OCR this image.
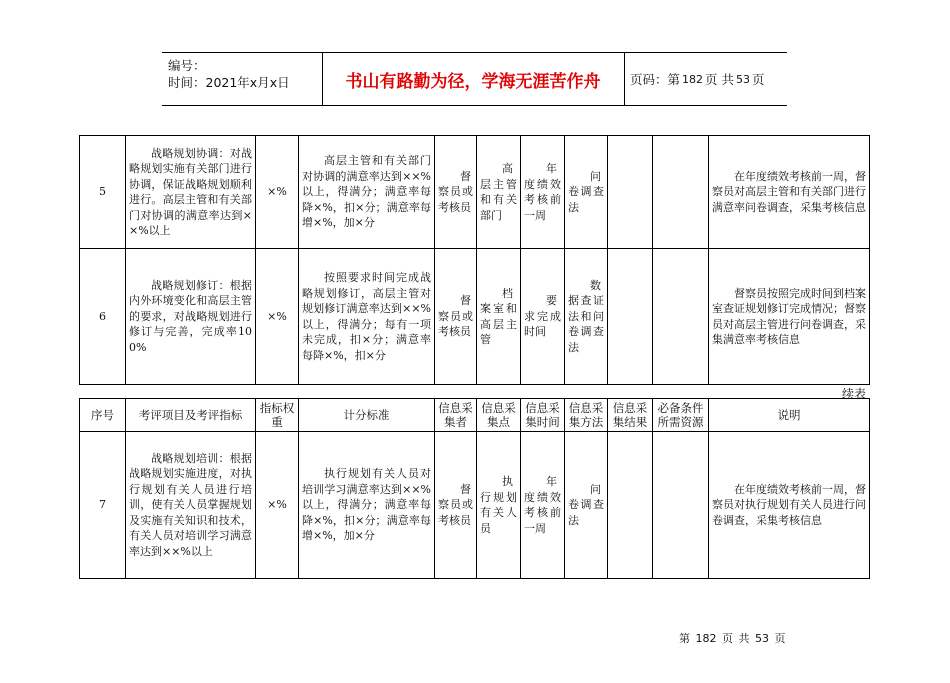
编号：
时间：2021年x月x日	书山有路勤为径，学海无涯苦作舟	页码：第 182 页 共 53 页
5	战略规划协调：对战略规划实施有关部门进行协调，保证战略规划顺利进行。高层主管和有关部门对协调的满意率达到××%以上	×%	高层主管和有关部门对协调的满意率达到××%以上，得满分；满意率每降×%，扣×分；满意率每增×%，加×分	督察员或考核员	高层主管和有关部门	年度绩效考核前一周	问卷调查法			在年度绩效考核前一周，督察员对高层主管和有关部门进行满意率问卷调查，采集考核信息
6	战略规划修订：根据内外环境变化和高层主管的要求，对战略规划进行修订与完善，完成率100%	×%	按照要求时间完成战略规划修订，高层主管对规划修订满意率达到××%以上，得满分；每有一项未完成，扣×分；满意率每降×%，扣×分	督察员或考核员	档案室和高层主管	要求完成时间	数据查证法和问卷调查法			督察员按照完成时间到档案室查证规划修订完成情况；督察员对高层主管进行问卷调查，采集满意率考核信息
续表
序号	考评项目及考评指标	指标权重	计分标准	信息采集者	信息采集点	信息采集时间	信息采集方法	信息采集结果	必备条件所需资源	说明
7	战略规划培训：根据战略规划实施进度，对执行规划有关人员进行培训，使有关人员掌握规划及实施有关知识和技术，有关人员对培训学习满意率达到××%以上	×%	执行规划有关人员对培训学习满意率达到××%以上，得满分；满意率每降×%，扣×分；满意率每增×%，加×分	督察员或考核员	执行规划有关人员	年度绩效考核前一周	问卷调查法			在年度绩效考核前一周，督察员对执行规划有关人员进行问卷调查，采集考核信息
第 182 页 共 53 页
